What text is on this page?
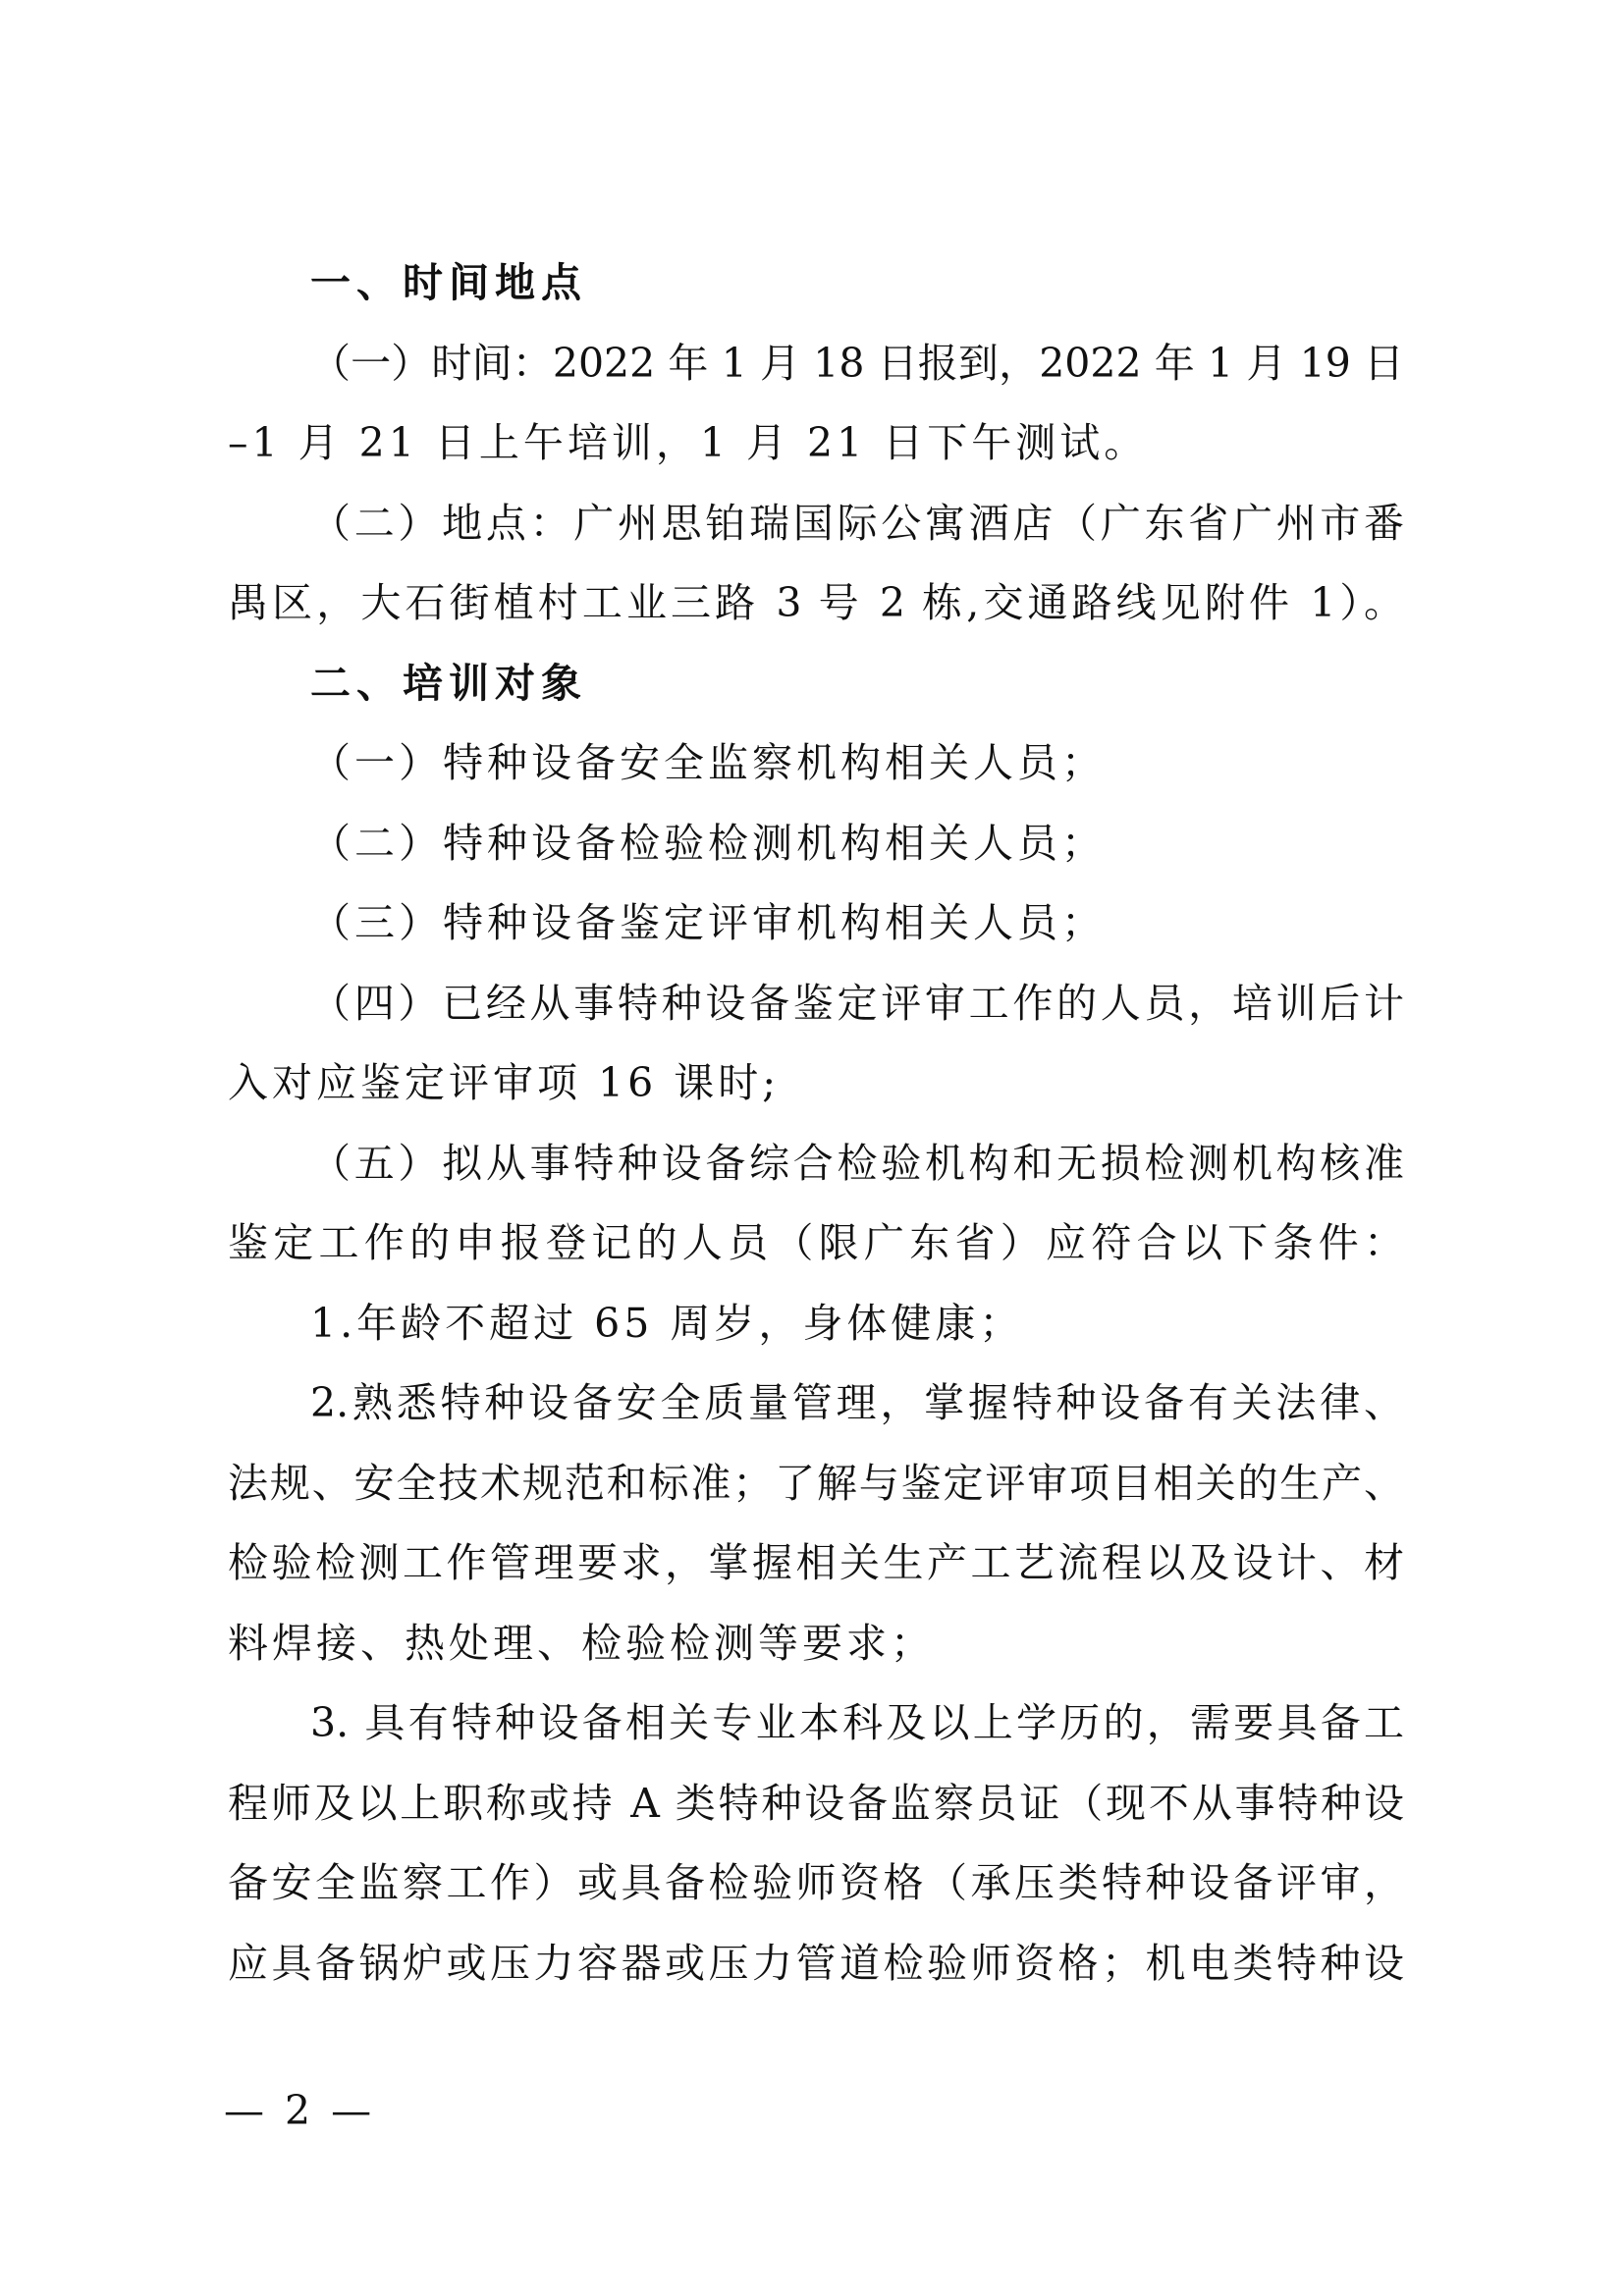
一、时间地点
（一）时间：2022 年 1 月 18 日报到，2022 年 1 月 19 日
–1 月 21 日上午培训，1 月 21 日下午测试。
（二）地点：广州思铂瑞国际公寓酒店（广东省广州市番
禺区，大石街植村工业三路 3 号 2 栋,交通路线见附件 1）。
二、培训对象
（一）特种设备安全监察机构相关人员；
（二）特种设备检验检测机构相关人员；
（三）特种设备鉴定评审机构相关人员；
（四）已经从事特种设备鉴定评审工作的人员，培训后计
入对应鉴定评审项 16 课时;
（五）拟从事特种设备综合检验机构和无损检测机构核准
鉴定工作的申报登记的人员（限广东省）应符合以下条件：
1.年龄不超过 65 周岁，身体健康；
2.熟悉特种设备安全质量管理，掌握特种设备有关法律、
法规、安全技术规范和标准；了解与鉴定评审项目相关的生产、
检验检测工作管理要求，掌握相关生产工艺流程以及设计、材
料焊接、热处理、检验检测等要求；
3. 具有特种设备相关专业本科及以上学历的，需要具备工
程师及以上职称或持 A 类特种设备监察员证（现不从事特种设
备安全监察工作）或具备检验师资格（承压类特种设备评审，
应具备锅炉或压力容器或压力管道检验师资格；机电类特种设
— 2 —
